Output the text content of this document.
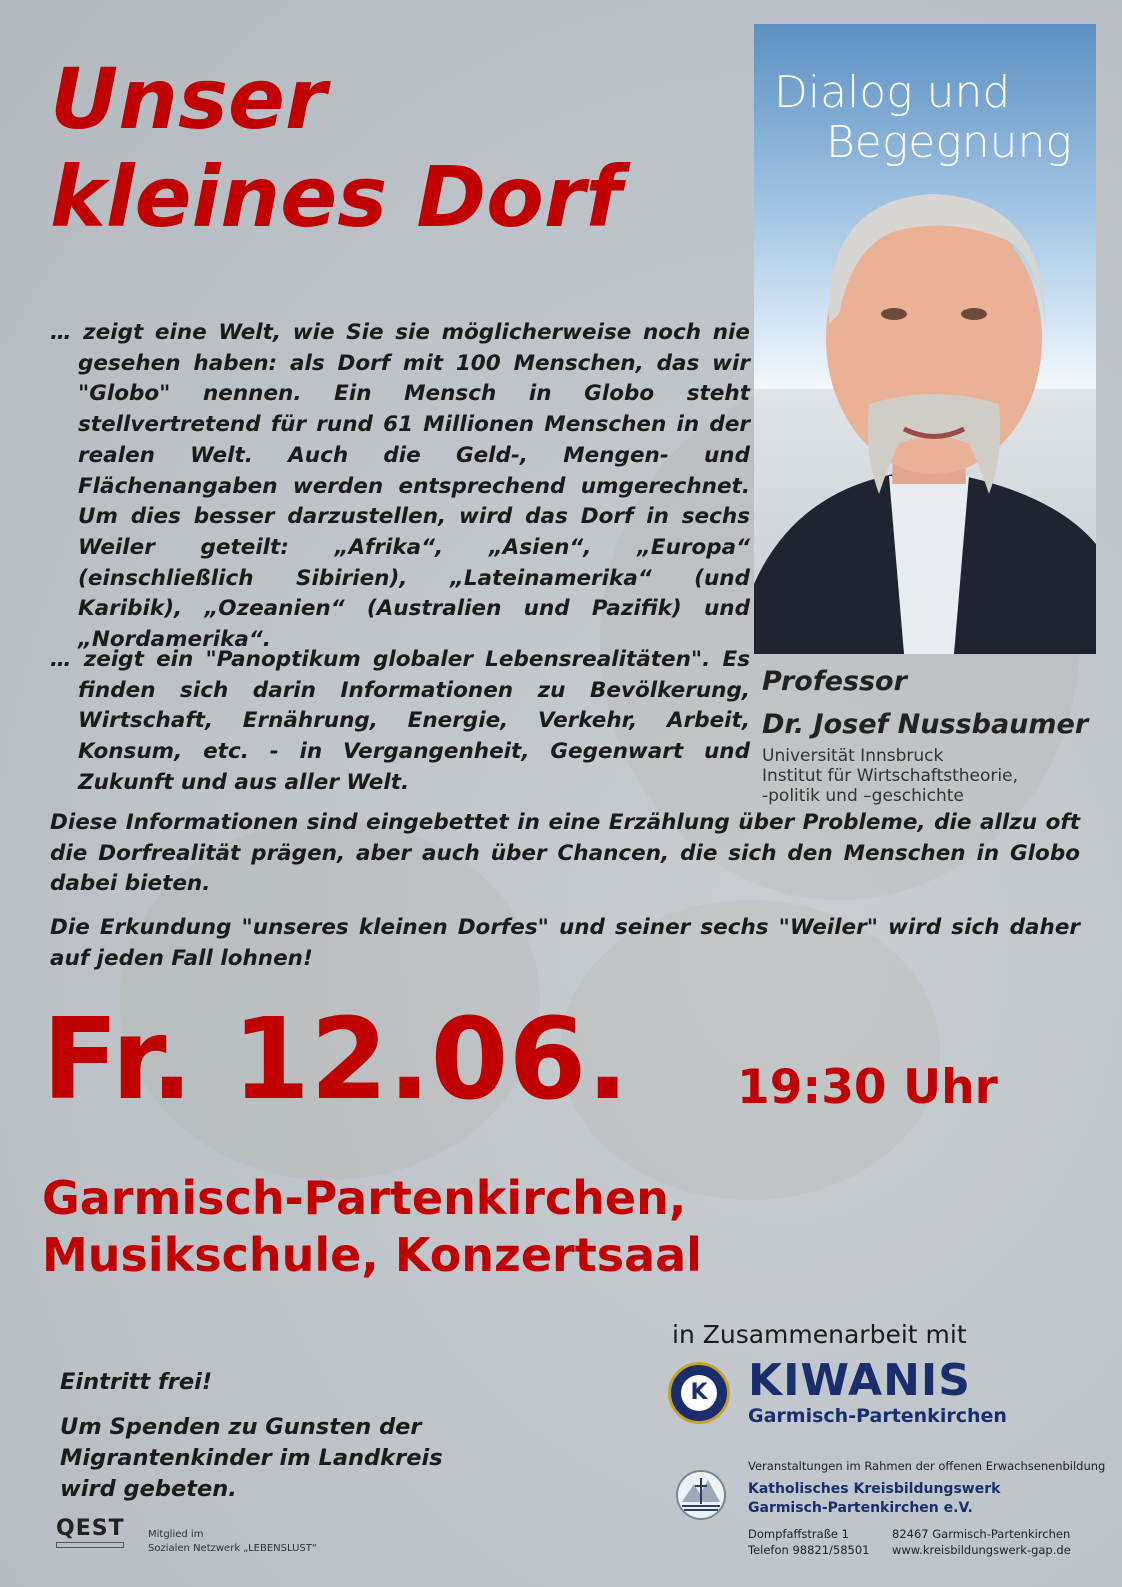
Unser
kleines Dorf
Dialog und
Begegnung
Professor
Dr. Josef Nussbaumer
Universität Innsbruck
Institut für Wirtschaftstheorie,
-politik und –geschichte
… zeigt eine Welt, wie Sie sie möglicherweise noch nie gesehen haben: als Dorf mit 100 Menschen, das wir "Globo" nennen. Ein Mensch in Globo steht stellvertretend für rund 61 Millionen Menschen in der realen Welt. Auch die Geld-, Mengen- und Flächenangaben werden entsprechend umgerechnet. Um dies besser darzustellen, wird das Dorf in sechs Weiler geteilt: „Afrika“, „Asien“, „Europa“ (einschließlich Sibirien), „Lateinamerika“ (und Karibik), „Ozeanien“ (Australien und Pazifik) und „Nordamerika“.
… zeigt ein "Panoptikum globaler Lebensrealitäten". Es finden sich darin Informationen zu Bevölkerung, Wirtschaft, Ernährung, Energie, Verkehr, Arbeit, Konsum, etc. - in Vergangenheit, Gegenwart und Zukunft und aus aller Welt.
Diese Informationen sind eingebettet in eine Erzählung über Probleme, die allzu oft die Dorfrealität prägen, aber auch über Chancen, die sich den Menschen in Globo dabei bieten.
Die Erkundung "unseres kleinen Dorfes" und seiner sechs "Weiler" wird sich daher auf jeden Fall lohnen!
Fr. 12.06. 19:30 Uhr
Garmisch-Partenkirchen,
Musikschule, Konzertsaal
in Zusammenarbeit mit
K KIWANIS
Garmisch-Partenkirchen
Veranstaltungen im Rahmen der offenen Erwachsenenbildung
Katholisches Kreisbildungswerk
Garmisch-Partenkirchen e.V.
Dompfaffstraße 1
Telefon 98821/58501
82467 Garmisch-Partenkirchen
www.kreisbildungswerk-gap.de
Eintritt frei!
Um Spenden zu Gunsten der
Migrantenkinder im Landkreis
wird gebeten.
QEST Mitglied im
Sozialen Netzwerk „LEBENSLUST“
